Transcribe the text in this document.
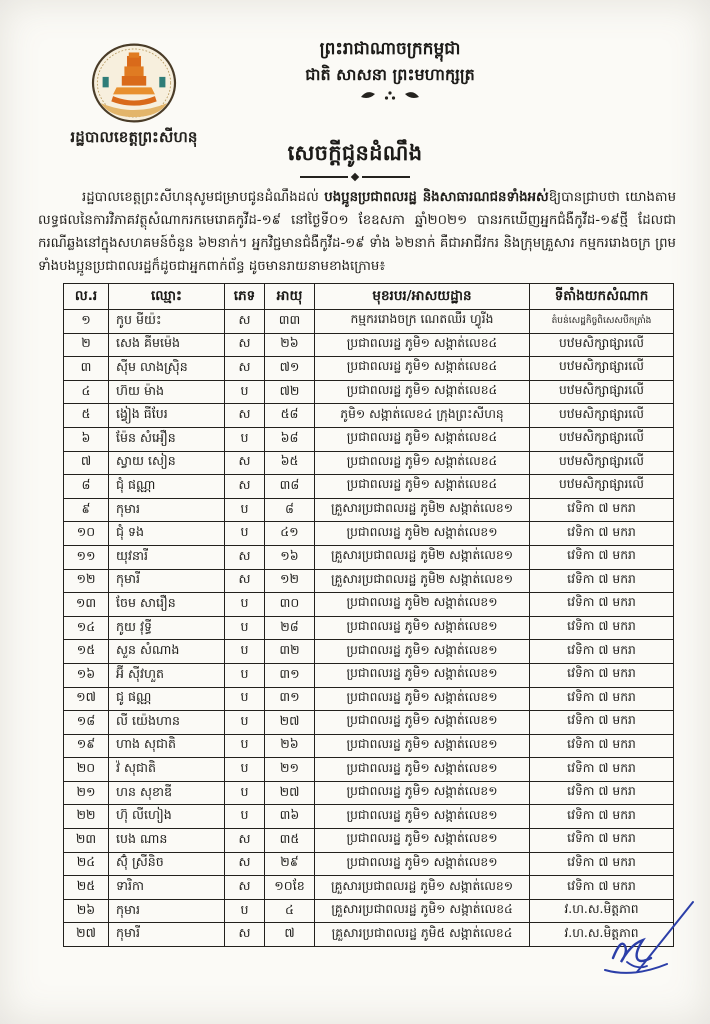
រដ្ឋបាលខេត្តព្រះសីហនុ
ព្រះរាជាណាចក្រកម្ពុជា
ជាតិ សាសនា ព្រះមហាក្សត្រ
សេចក្តីជូនដំណឹង

រដ្ឋបាលខេត្តព្រះសីហនុសូមជម្រាបជូនដំណឹងដល់ បងប្អូនប្រជាពលរដ្ឋ និងសាធារណជនទាំងអស់ឱ្យបានជ្រាបថា យោងតាមលទ្ធផលនៃការវិភាគវត្ថុសំណាករកមេរោគកូវីដ-១៩ នៅថ្ងៃទី០១ ខែឧសភា ឆ្នាំ២០២១ បានរកឃើញអ្នកជំងឺកូវីដ-១៩ថ្មី ដែលជាករណីឆ្លងនៅក្នុងសហគមន៍ចំនួន ៦២នាក់។ អ្នកវិជ្ជមានជំងឺកូវីដ-១៩ ទាំង ៦២នាក់ គឺជាអាជីវករ និងក្រុមគ្រួសារ កម្មកររោងចក្រ ព្រមទាំងបងប្អូនប្រជាពលរដ្ឋក៏ដូចជាអ្នកពាក់ព័ន្ធ ដូចមានរាយនាមខាងក្រោម៖

ល.រ	ឈ្មោះ	ភេទ	អាយុ	មុខរបរ/អាសយដ្ឋាន	ទីតាំងយកសំណាក
១	កូប មីយ៉ះ	ស	៣៣	កម្មកររោងចក្រ ណេតឈឺរ ហ្វូរីង	តំបន់សេដ្ឋកិច្ចពិសេសបឹកត្រាំង
២	សេង គីមម៉េង	ស	២៦	ប្រជាពលរដ្ឋ ភូមិ១ សង្កាត់លេខ៤	បឋមសិក្សាផ្សារលើ
៣	ស៊ីម លាងស្រ៊ិន	ស	៧១	ប្រជាពលរដ្ឋ ភូមិ១ សង្កាត់លេខ៤	បឋមសិក្សាផ្សារលើ
៤	ហ៊យ ម៉ាង	ប	៧២	ប្រជាពលរដ្ឋ ភូមិ១ សង្កាត់លេខ៤	បឋមសិក្សាផ្សារលើ
៥	ង្វៀង ធីបែរ	ស	៥៨	ភូមិ១ សង្កាត់លេខ៤ ក្រុងព្រះសីហនុ	បឋមសិក្សាផ្សារលើ
៦	ម៉ែន សំអឿន	ប	៦៨	ប្រជាពលរដ្ឋ ភូមិ១ សង្កាត់លេខ៤	បឋមសិក្សាផ្សារលើ
៧	ស្វាយ សៀន	ស	៦៥	ប្រជាពលរដ្ឋ ភូមិ១ សង្កាត់លេខ៤	បឋមសិក្សាផ្សារលើ
៨	ជុំ ផណ្ណា	ស	៣៨	ប្រជាពលរដ្ឋ ភូមិ១ សង្កាត់លេខ៤	បឋមសិក្សាផ្សារលើ
៩	កុមារ	ប	៨	គ្រួសារប្រជាពលរដ្ឋ ភូមិ២ សង្កាត់លេខ១	វេទិកា ៧ មករា
១០	ជុំ ទង	ប	៤១	ប្រជាពលរដ្ឋ ភូមិ២ សង្កាត់លេខ១	វេទិកា ៧ មករា
១១	យុវនារី	ស	១៦	គ្រួសារប្រជាពលរដ្ឋ ភូមិ២ សង្កាត់លេខ១	វេទិកា ៧ មករា
១២	កុមារី	ស	១២	គ្រួសារប្រជាពលរដ្ឋ ភូមិ២ សង្កាត់លេខ១	វេទិកា ៧ មករា
១៣	ចែម សារឿន	ប	៣០	ប្រជាពលរដ្ឋ ភូមិ២ សង្កាត់លេខ១	វេទិកា ៧ មករា
១៤	កូយ វុទ្ធី	ប	២៨	ប្រជាពលរដ្ឋ ភូមិ១ សង្កាត់លេខ១	វេទិកា ៧ មករា
១៥	សួន សំណាង	ប	៣២	ប្រជាពលរដ្ឋ ភូមិ១ សង្កាត់លេខ១	វេទិកា ៧ មករា
១៦	អ៊ី ស៊ីវហួត	ប	៣១	ប្រជាពលរដ្ឋ ភូមិ១ សង្កាត់លេខ១	វេទិកា ៧ មករា
១៧	ជូ ផណ្ណ	ប	៣១	ប្រជាពលរដ្ឋ ភូមិ១ សង្កាត់លេខ១	វេទិកា ៧ មករា
១៨	លី យ៉េងហាន	ប	២៧	ប្រជាពលរដ្ឋ ភូមិ១ សង្កាត់លេខ១	វេទិកា ៧ មករា
១៩	ហាង សុជាតិ	ប	២៦	ប្រជាពលរដ្ឋ ភូមិ១ សង្កាត់លេខ១	វេទិកា ៧ មករា
២០	វ៉ សុជាតិ	ប	២១	ប្រជាពលរដ្ឋ ភូមិ១ សង្កាត់លេខ១	វេទិកា ៧ មករា
២១	ហន សុខាឌី	ប	២៧	ប្រជាពលរដ្ឋ ភូមិ១ សង្កាត់លេខ១	វេទិកា ៧ មករា
២២	ហ៊ុ លីហៀង	ប	៣៦	ប្រជាពលរដ្ឋ ភូមិ១ សង្កាត់លេខ១	វេទិកា ៧ មករា
២៣	បេង ណាន	ស	៣៥	ប្រជាពលរដ្ឋ ភូមិ១ សង្កាត់លេខ១	វេទិកា ៧ មករា
២៤	ស៊ុំ ស្រីនិច	ស	២៩	ប្រជាពលរដ្ឋ ភូមិ១ សង្កាត់លេខ១	វេទិកា ៧ មករា
២៥	ទារិកា	ស	១០ខែ	គ្រួសារប្រជាពលរដ្ឋ ភូមិ១ សង្កាត់លេខ១	វេទិកា ៧ មករា
២៦	កុមារ	ប	៤	គ្រួសារប្រជាពលរដ្ឋ ភូមិ១ សង្កាត់លេខ៤	វ.ហ.ស.មិត្តភាព
២៧	កុមារី	ស	៧	គ្រួសារប្រជាពលរដ្ឋ ភូមិ៥ សង្កាត់លេខ៤	វ.ហ.ស.មិត្តភាព
